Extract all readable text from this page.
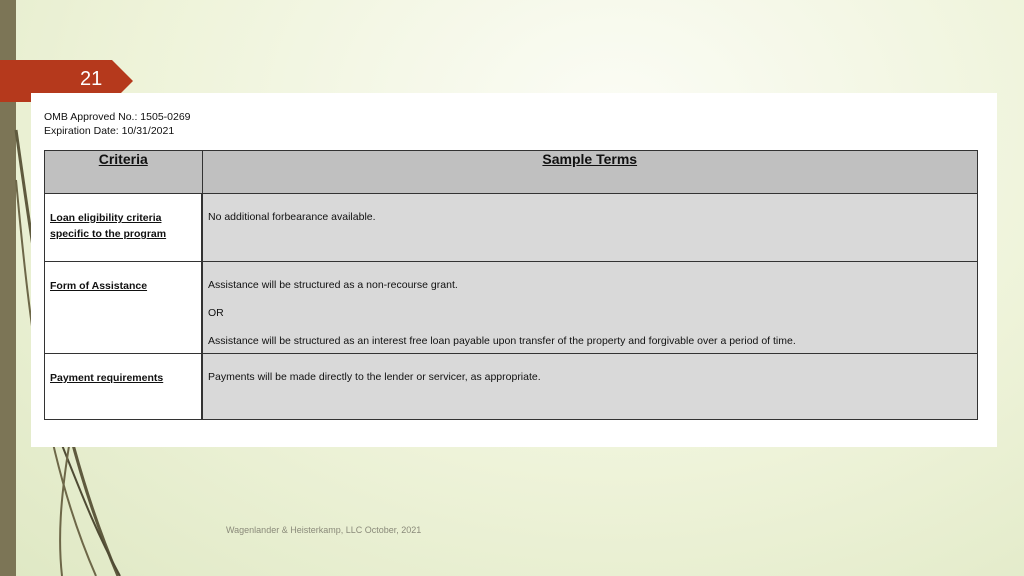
21
OMB Approved No.: 1505-0269
Expiration Date: 10/31/2021
Criteria	Sample Terms

Loan eligibility criteria specific to the program	No additional forbearance available.

Form of Assistance	Assistance will be structured as a non-recourse grant.
OR
Assistance will be structured as an interest free loan payable upon transfer of the property and forgivable over a period of time.

Payment requirements	Payments will be made directly to the lender or servicer, as appropriate.
Wagenlander & Heisterkamp, LLC October, 2021
